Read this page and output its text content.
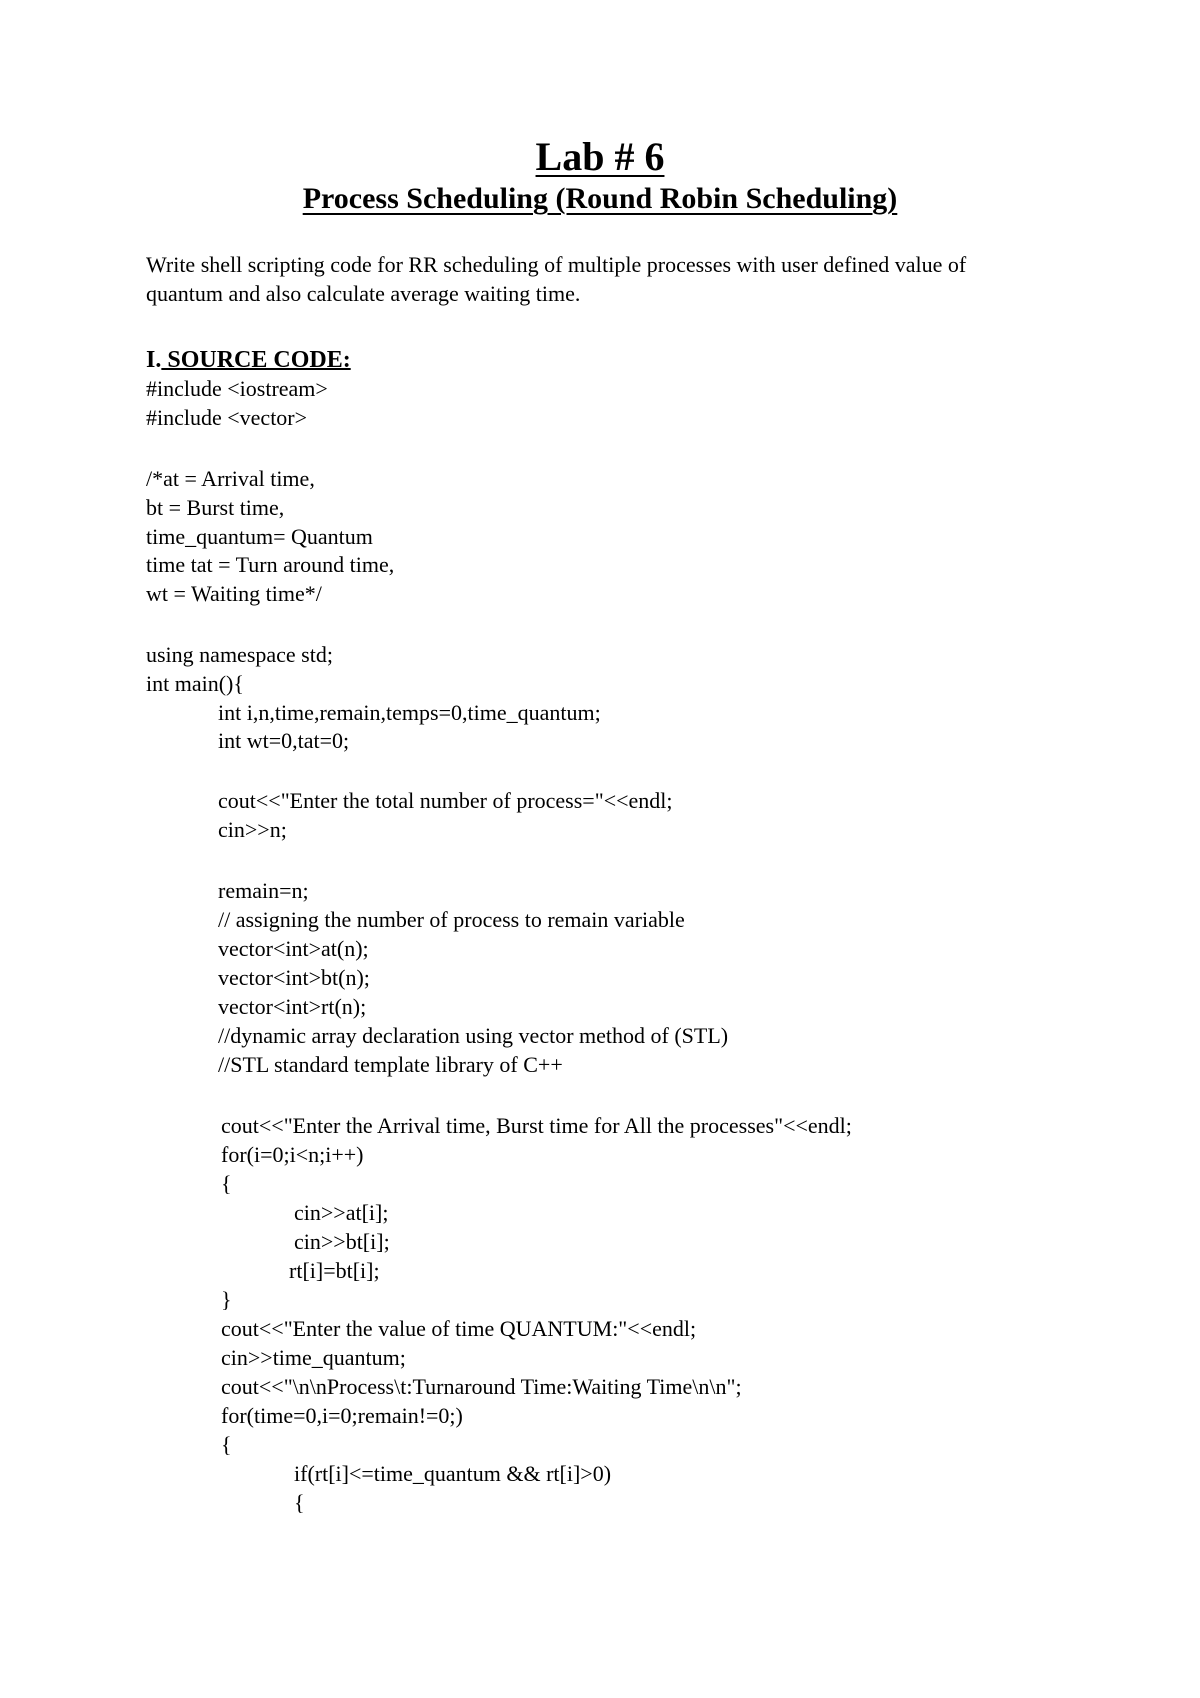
Lab # 6
Process Scheduling (Round Robin Scheduling)

Write shell scripting code for RR scheduling of multiple processes with user defined value of

quantum and also calculate average waiting time.

I. SOURCE CODE:
#include <iostream>
#include <vector>
/*at = Arrival time,
bt = Burst time,
time_quantum= Quantum
time tat = Turn around time,
wt = Waiting time*/
using namespace std;
int main(){
int i,n,time,remain,temps=0,time_quantum;
int wt=0,tat=0;
cout<<"Enter the total number of process="<<endl;
cin>>n;
remain=n;
// assigning the number of process to remain variable
vector<int>at(n);
vector<int>bt(n);
vector<int>rt(n);
//dynamic array declaration using vector method of (STL)
//STL standard template library of C++
cout<<"Enter the Arrival time, Burst time for All the processes"<<endl;
for(i=0;i<n;i++)
{
cin>>at[i];
cin>>bt[i];
rt[i]=bt[i];
}
cout<<"Enter the value of time QUANTUM:"<<endl;
cin>>time_quantum;
cout<<"\n\nProcess\t:Turnaround Time:Waiting Time\n\n";
for(time=0,i=0;remain!=0;)
{
if(rt[i]<=time_quantum && rt[i]>0)
{
